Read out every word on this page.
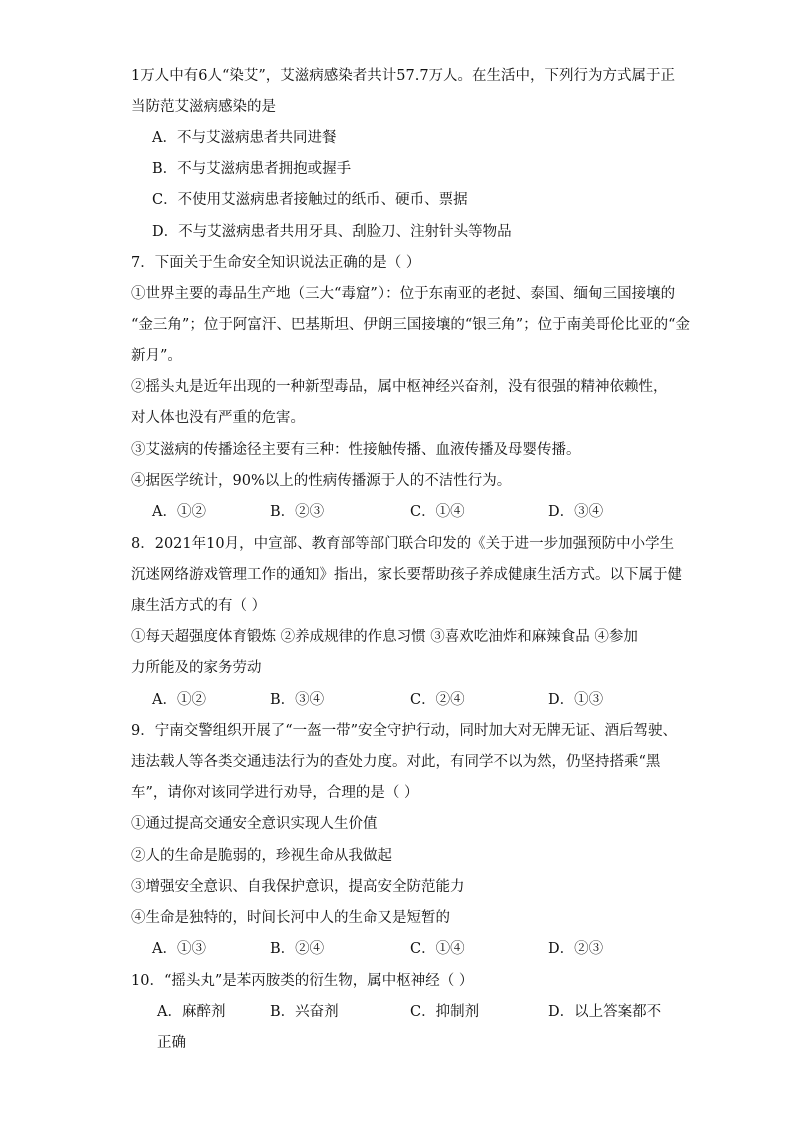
1万人中有6人“染艾”，艾滋病感染者共计57.7万人。在生活中，下列行为方式属于正
当防范艾滋病感染的是
A．不与艾滋病患者共同进餐
B．不与艾滋病患者拥抱或握手
C．不使用艾滋病患者接触过的纸币、硬币、票据
D．不与艾滋病患者共用牙具、刮脸刀、注射针头等物品
7．下面关于生命安全知识说法正确的是（ ）
①世界主要的毒品生产地（三大“毒窟”）：位于东南亚的老挝、泰国、缅甸三国接壤的
“金三角”；位于阿富汗、巴基斯坦、伊朗三国接壤的“银三角”；位于南美哥伦比亚的“金
新月”。
②摇头丸是近年出现的一种新型毒品，属中枢神经兴奋剂，没有很强的精神依赖性，
对人体也没有严重的危害。
③艾滋病的传播途径主要有三种：性接触传播、血液传播及母婴传播。
④据医学统计，90%以上的性病传播源于人的不洁性行为。
A．①②	B．②③	C．①④	D．③④
8．2021年10月，中宣部、教育部等部门联合印发的《关于进一步加强预防中小学生
沉迷网络游戏管理工作的通知》指出，家长要帮助孩子养成健康生活方式。以下属于健
康生活方式的有（ ）
①每天超强度体育锻炼 ②养成规律的作息习惯 ③喜欢吃油炸和麻辣食品 ④参加
力所能及的家务劳动
A．①②	B．③④	C．②④	D．①③
9．宁南交警组织开展了“一盔一带”安全守护行动，同时加大对无牌无证、酒后驾驶、
违法载人等各类交通违法行为的查处力度。对此，有同学不以为然，仍坚持搭乘“黑
车”，请你对该同学进行劝导，合理的是（ ）
①通过提高交通安全意识实现人生价值
②人的生命是脆弱的，珍视生命从我做起
③增强安全意识、自我保护意识，提高安全防范能力
④生命是独特的，时间长河中人的生命又是短暂的
A．①③	B．②④	C．①④	D．②③
10．“摇头丸”是苯丙胺类的衍生物，属中枢神经（ ）
A．麻醉剂	B．兴奋剂	C．抑制剂	D．以上答案都不
正确
